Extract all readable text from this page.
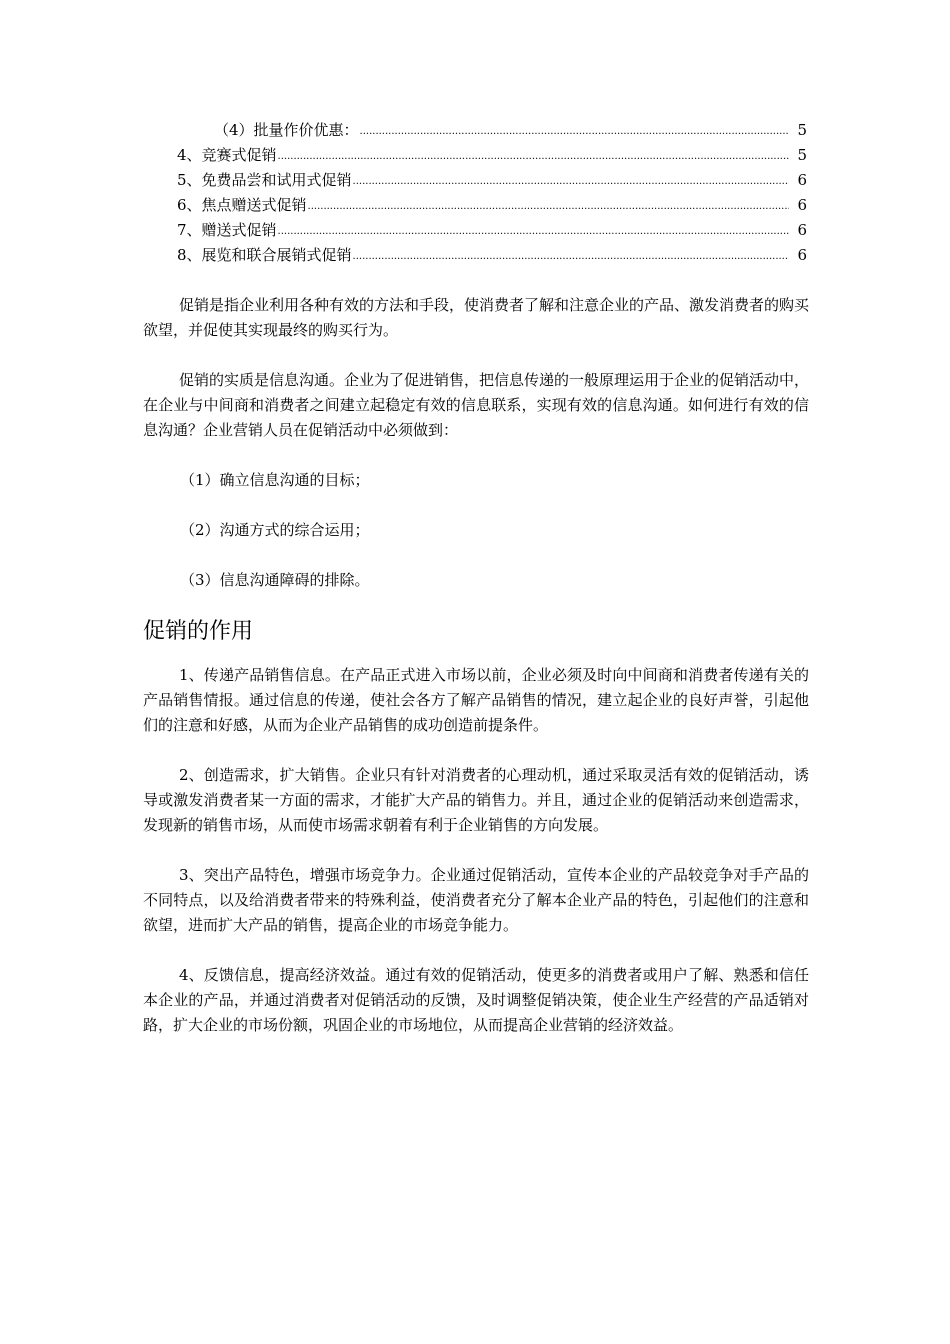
（4）批量作价优惠： .....	5
4、竞赛式促销 .....	5
5、免费品尝和试用式促销 .....	6
6、焦点赠送式促销 .....	6
7、赠送式促销 .....	6
8、展览和联合展销式促销 .....	6

促销是指企业利用各种有效的方法和手段，使消费者了解和注意企业的产品、激发消费者的购买欲望，并促使其实现最终的购买行为。

促销的实质是信息沟通。企业为了促进销售，把信息传递的一般原理运用于企业的促销活动中，在企业与中间商和消费者之间建立起稳定有效的信息联系，实现有效的信息沟通。如何进行有效的信息沟通？企业营销人员在促销活动中必须做到：

（1）确立信息沟通的目标；
（2）沟通方式的综合运用；
（3）信息沟通障碍的排除。
促销的作用

1、传递产品销售信息。在产品正式进入市场以前，企业必须及时向中间商和消费者传递有关的产品销售情报。通过信息的传递，使社会各方了解产品销售的情况，建立起企业的良好声誉，引起他们的注意和好感，从而为企业产品销售的成功创造前提条件。

2、创造需求，扩大销售。企业只有针对消费者的心理动机，通过采取灵活有效的促销活动，诱导或激发消费者某一方面的需求，才能扩大产品的销售力。并且，通过企业的促销活动来创造需求，发现新的销售市场，从而使市场需求朝着有利于企业销售的方向发展。

3、突出产品特色，增强市场竞争力。企业通过促销活动，宣传本企业的产品较竞争对手产品的不同特点，以及给消费者带来的特殊利益，使消费者充分了解本企业产品的特色，引起他们的注意和欲望，进而扩大产品的销售，提高企业的市场竞争能力。

4、反馈信息，提高经济效益。通过有效的促销活动，使更多的消费者或用户了解、熟悉和信任本企业的产品，并通过消费者对促销活动的反馈，及时调整促销决策，使企业生产经营的产品适销对路，扩大企业的市场份额，巩固企业的市场地位，从而提高企业营销的经济效益。
